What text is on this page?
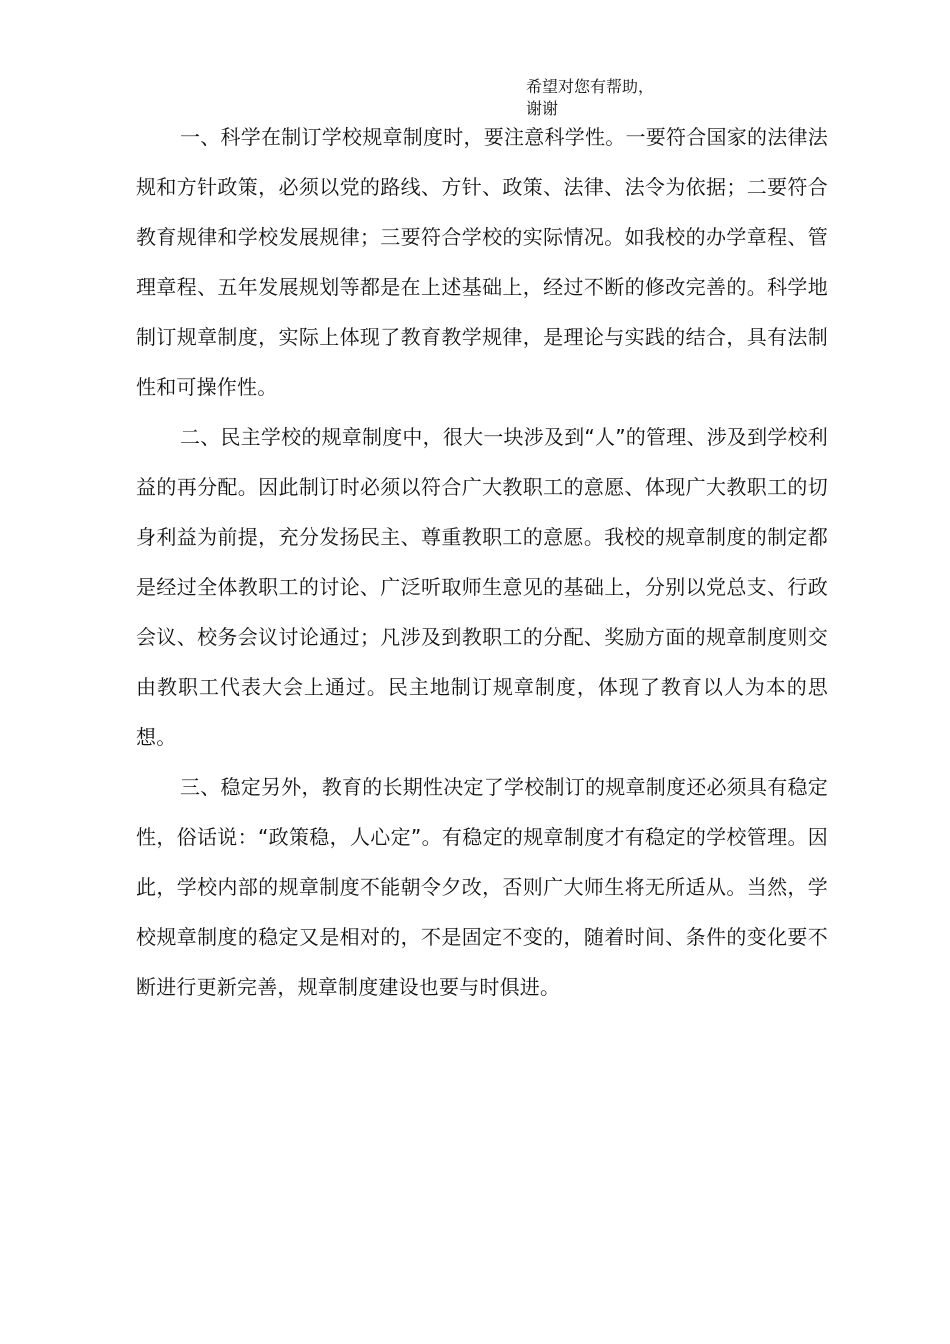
希望对您有帮助，
谢谢

一、科学在制订学校规章制度时，要注意科学性。一要符合国家的法律法规和方针政策，必须以党的路线、方针、政策、法律、法令为依据；二要符合教育规律和学校发展规律；三要符合学校的实际情况。如我校的办学章程、管理章程、五年发展规划等都是在上述基础上，经过不断的修改完善的。科学地制订规章制度，实际上体现了教育教学规律，是理论与实践的结合，具有法制性和可操作性。

二、民主学校的规章制度中，很大一块涉及到“人”的管理、涉及到学校利益的再分配。因此制订时必须以符合广大教职工的意愿、体现广大教职工的切身利益为前提，充分发扬民主、尊重教职工的意愿。我校的规章制度的制定都是经过全体教职工的讨论、广泛听取师生意见的基础上，分别以党总支、行政会议、校务会议讨论通过；凡涉及到教职工的分配、奖励方面的规章制度则交由教职工代表大会上通过。民主地制订规章制度，体现了教育以人为本的思想。

三、稳定另外，教育的长期性决定了学校制订的规章制度还必须具有稳定性，俗话说：“政策稳，人心定”。有稳定的规章制度才有稳定的学校管理。因此，学校内部的规章制度不能朝令夕改，否则广大师生将无所适从。当然，学校规章制度的稳定又是相对的，不是固定不变的，随着时间、条件的变化要不断进行更新完善，规章制度建设也要与时俱进。
